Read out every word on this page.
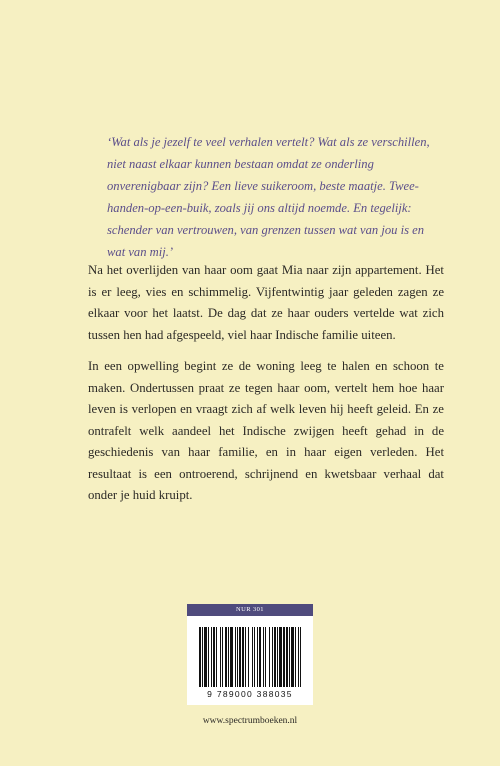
‘Wat als je jezelf te veel verhalen vertelt? Wat als ze verschillen, niet naast elkaar kunnen bestaan omdat ze onderling onverenigbaar zijn? Een lieve suikeroom, beste maatje. Twee-handen-op-een-buik, zoals jij ons altijd noemde. En tegelijk: schender van vertrouwen, van grenzen tussen wat van jou is en wat van mij.’

Na het overlijden van haar oom gaat Mia naar zijn appartement. Het is er leeg, vies en schimmelig. Vijfentwintig jaar geleden zagen ze elkaar voor het laatst. De dag dat ze haar ouders vertelde wat zich tussen hen had afgespeeld, viel haar Indische familie uiteen.

In een opwelling begint ze de woning leeg te halen en schoon te maken. Ondertussen praat ze tegen haar oom, vertelt hem hoe haar leven is verlopen en vraagt zich af welk leven hij heeft geleid. En ze ontrafelt welk aandeel het Indische zwijgen heeft gehad in de geschiedenis van haar familie, en in haar eigen verleden. Het resultaat is een ontroerend, schrijnend en kwetsbaar verhaal dat onder je huid kruipt.

NUR 301
9 789000 388035
www.spectrumboeken.nl
